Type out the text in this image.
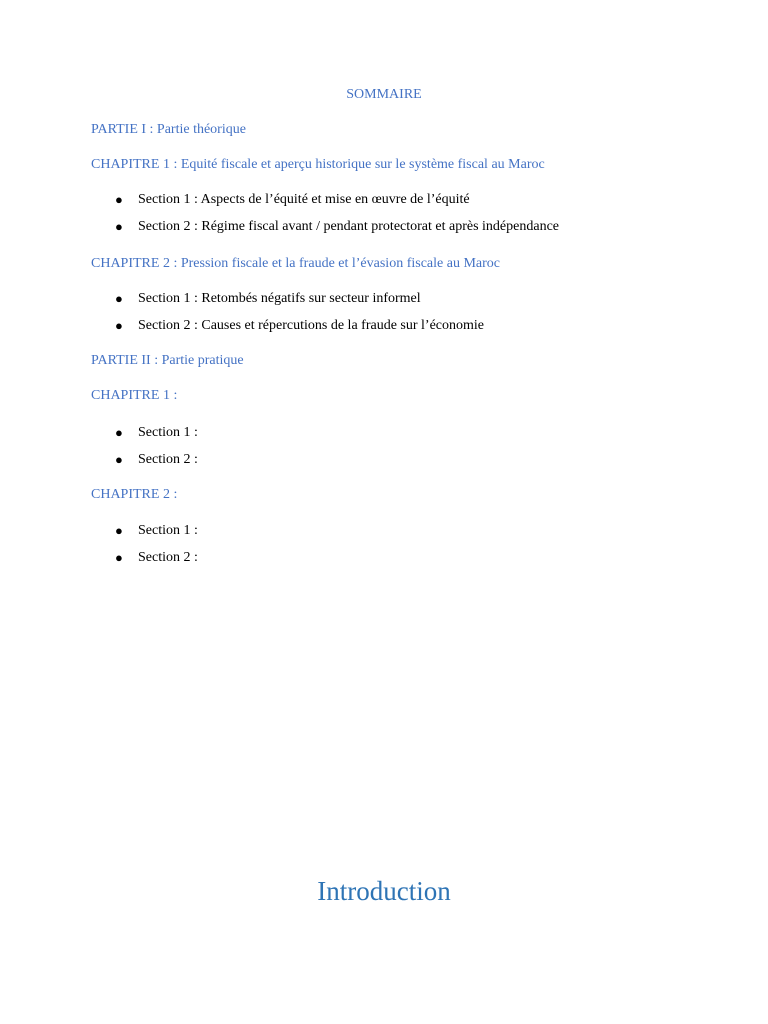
SOMMAIRE
PARTIE I : Partie théorique
CHAPITRE 1 : Equité fiscale et aperçu historique sur le système fiscal au Maroc
● Section 1 : Aspects de l’équité et mise en œuvre de l’équité
● Section 2 : Régime fiscal avant / pendant protectorat et après indépendance
CHAPITRE 2 : Pression fiscale et la fraude et l’évasion fiscale au Maroc
● Section 1 : Retombés négatifs sur secteur informel
● Section 2 : Causes et répercutions de la fraude sur l’économie
PARTIE II : Partie pratique
CHAPITRE 1 :
● Section 1 :
● Section 2 :
CHAPITRE 2 :
● Section 1 :
● Section 2 :
Introduction
